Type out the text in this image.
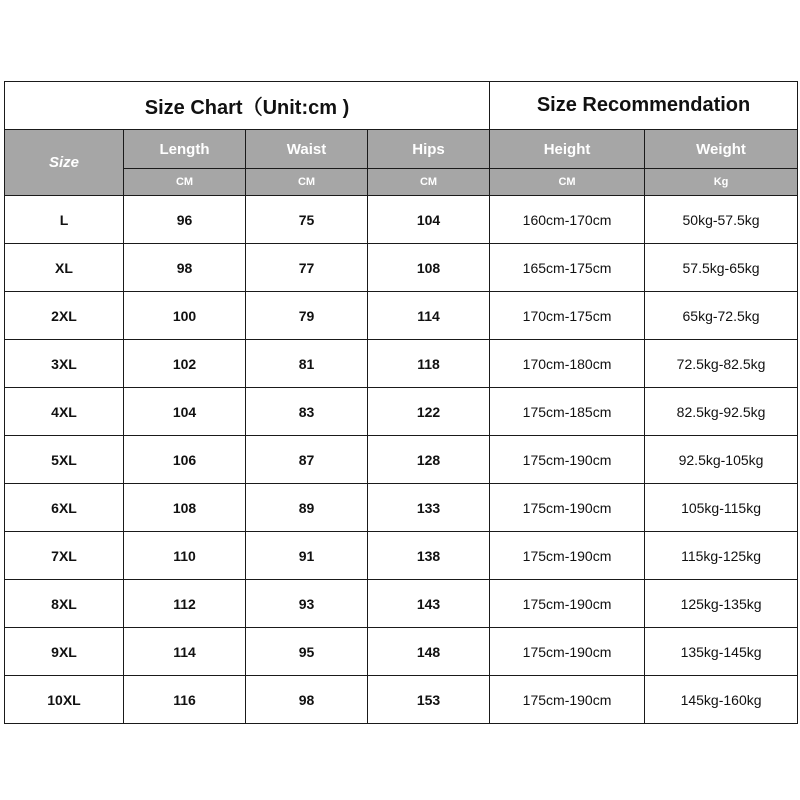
Size Chart（Unit:cm )				Size Recommendation	
Size	Length	Waist	Hips	Height	Weight
	CM	CM	CM	CM	Kg
L	96	75	104	160cm-170cm	50kg-57.5kg
XL	98	77	108	165cm-175cm	57.5kg-65kg
2XL	100	79	114	170cm-175cm	65kg-72.5kg
3XL	102	81	118	170cm-180cm	72.5kg-82.5kg
4XL	104	83	122	175cm-185cm	82.5kg-92.5kg
5XL	106	87	128	175cm-190cm	92.5kg-105kg
6XL	108	89	133	175cm-190cm	105kg-115kg
7XL	110	91	138	175cm-190cm	115kg-125kg
8XL	112	93	143	175cm-190cm	125kg-135kg
9XL	114	95	148	175cm-190cm	135kg-145kg
10XL	116	98	153	175cm-190cm	145kg-160kg
